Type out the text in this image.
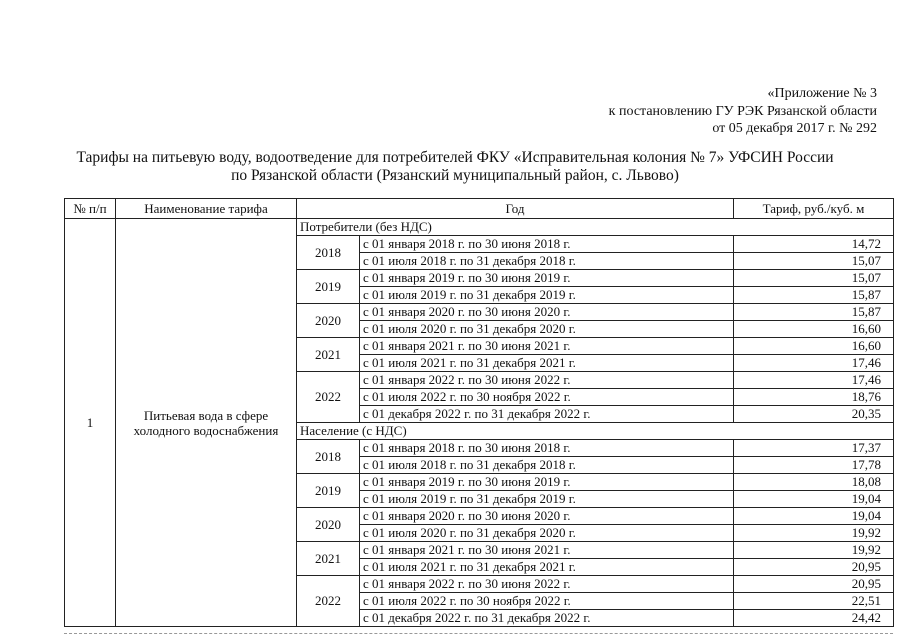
«Приложение № 3
к постановлению ГУ РЭК Рязанской области
от 05 декабря 2017 г. № 292
Тарифы на питьевую воду, водоотведение для потребителей ФКУ «Исправительная колония № 7» УФСИН России
по Рязанской области (Рязанский муниципальный район, с. Львово)
№ п/п	Наименование тарифа	Год		Тариф, руб./куб. м
1	Питьевая вода в сфере холодного водоснабжения	Потребители (без НДС)		
		2018	с 01 января 2018 г. по 30 июня 2018 г.	14,72
			с 01 июля 2018 г. по 31 декабря 2018 г.	15,07
		2019	с 01 января 2019 г. по 30 июня 2019 г.	15,07
			с 01 июля 2019 г. по 31 декабря 2019 г.	15,87
		2020	с 01 января 2020 г. по 30 июня 2020 г.	15,87
			с 01 июля 2020 г. по 31 декабря 2020 г.	16,60
		2021	с 01 января 2021 г. по 30 июня 2021 г.	16,60
			с 01 июля 2021 г. по 31 декабря 2021 г.	17,46
		2022	с 01 января 2022 г. по 30 июня 2022 г.	17,46
			с 01 июля 2022 г. по 30 ноября 2022 г.	18,76
			с 01 декабря 2022 г. по 31 декабря 2022 г.	20,35
		Население (с НДС)		
		2018	с 01 января 2018 г. по 30 июня 2018 г.	17,37
			с 01 июля 2018 г. по 31 декабря 2018 г.	17,78
		2019	с 01 января 2019 г. по 30 июня 2019 г.	18,08
			с 01 июля 2019 г. по 31 декабря 2019 г.	19,04
		2020	с 01 января 2020 г. по 30 июня 2020 г.	19,04
			с 01 июля 2020 г. по 31 декабря 2020 г.	19,92
		2021	с 01 января 2021 г. по 30 июня 2021 г.	19,92
			с 01 июля 2021 г. по 31 декабря 2021 г.	20,95
		2022	с 01 января 2022 г. по 30 июня 2022 г.	20,95
			с 01 июля 2022 г. по 30 ноября 2022 г.	22,51
			с 01 декабря 2022 г. по 31 декабря 2022 г.	24,42
